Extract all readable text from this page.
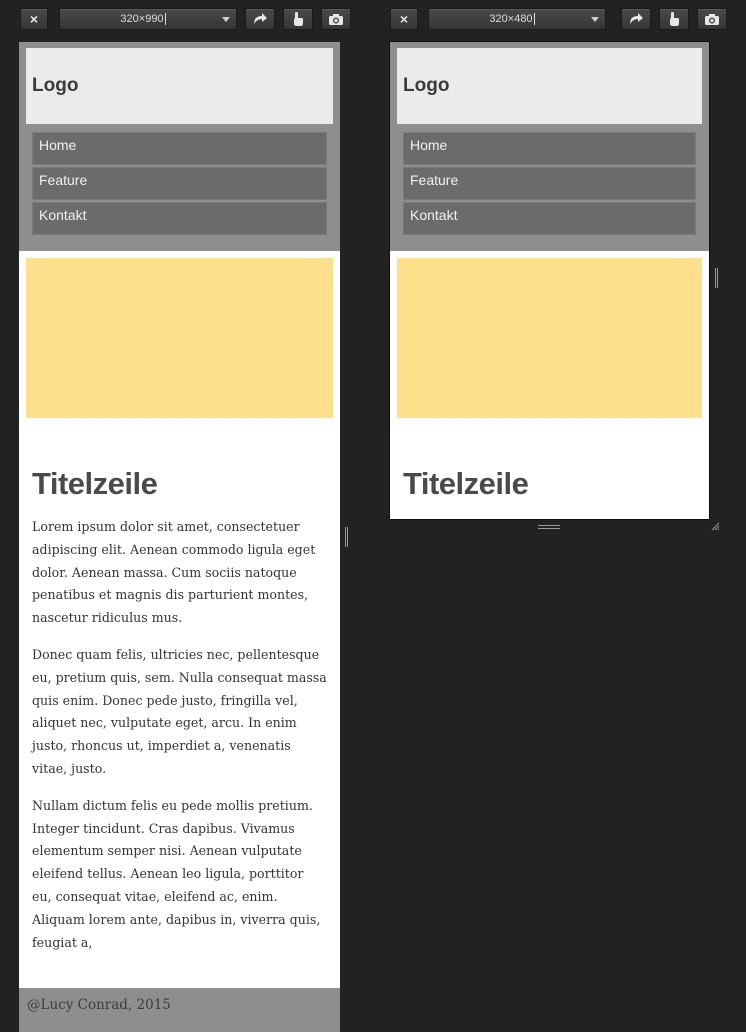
×	320×990	×	320×480
Logo
Home
Feature
Kontakt
Titelzeile

Lorem ipsum dolor sit amet, consectetuer adipiscing elit. Aenean commodo ligula eget dolor. Aenean massa. Cum sociis natoque penatibus et magnis dis parturient montes, nascetur ridiculus mus.

Donec quam felis, ultricies nec, pellentesque eu, pretium quis, sem. Nulla consequat massa quis enim. Donec pede justo, fringilla vel, aliquet nec, vulputate eget, arcu. In enim justo, rhoncus ut, imperdiet a, venenatis vitae, justo.

Nullam dictum felis eu pede mollis pretium. Integer tincidunt. Cras dapibus. Vivamus elementum semper nisi. Aenean vulputate eleifend tellus. Aenean leo ligula, porttitor eu, consequat vitae, eleifend ac, enim. Aliquam lorem ante, dapibus in, viverra quis, feugiat a,

@Lucy Conrad, 2015
Logo
Home
Feature
Kontakt
Titelzeile
